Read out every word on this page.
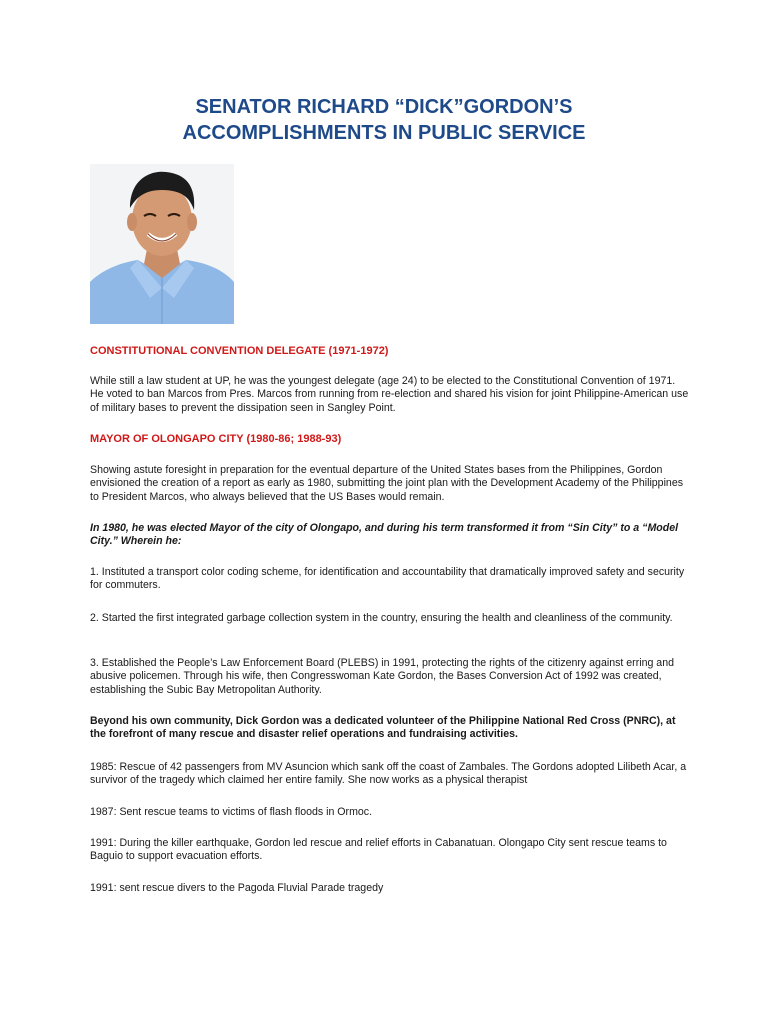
SENATOR RICHARD “DICK”GORDON’S
ACCOMPLISHMENTS IN PUBLIC SERVICE

CONSTITUTIONAL CONVENTION DELEGATE (1971-1972)

While still a law student at UP, he was the youngest delegate (age 24) to be elected to the Constitutional Convention of 1971. He voted to ban Marcos from Pres. Marcos from running from re-election and shared his vision for joint Philippine-American use of military bases to prevent the dissipation seen in Sangley Point.

MAYOR OF OLONGAPO CITY (1980-86; 1988-93)

Showing astute foresight in preparation for the eventual departure of the United States bases from the Philippines, Gordon envisioned the creation of a report as early as 1980, submitting the joint plan with the Development Academy of the Philippines to President Marcos, who always believed that the US Bases would remain.

In 1980, he was elected Mayor of the city of Olongapo, and during his term transformed it from “Sin City” to a “Model City.” Wherein he:

1. Instituted a transport color coding scheme, for identification and accountability that dramatically improved safety and security for commuters.

2. Started the first integrated garbage collection system in the country, ensuring the health and cleanliness of the community.

3. Established the People’s Law Enforcement Board (PLEBS) in 1991, protecting the rights of the citizenry against erring and abusive policemen. Through his wife, then Congresswoman Kate Gordon, the Bases Conversion Act of 1992 was created, establishing the Subic Bay Metropolitan Authority.

Beyond his own community, Dick Gordon was a dedicated volunteer of the Philippine National Red Cross (PNRC), at the forefront of many rescue and disaster relief operations and fundraising activities.

1985: Rescue of 42 passengers from MV Asuncion which sank off the coast of Zambales. The Gordons adopted Lilibeth Acar, a survivor of the tragedy which claimed her entire family. She now works as a physical therapist

1987: Sent rescue teams to victims of flash floods in Ormoc.

1991: During the killer earthquake, Gordon led rescue and relief efforts in Cabanatuan. Olongapo City sent rescue teams to Baguio to support evacuation efforts.

1991: sent rescue divers to the Pagoda Fluvial Parade tragedy
